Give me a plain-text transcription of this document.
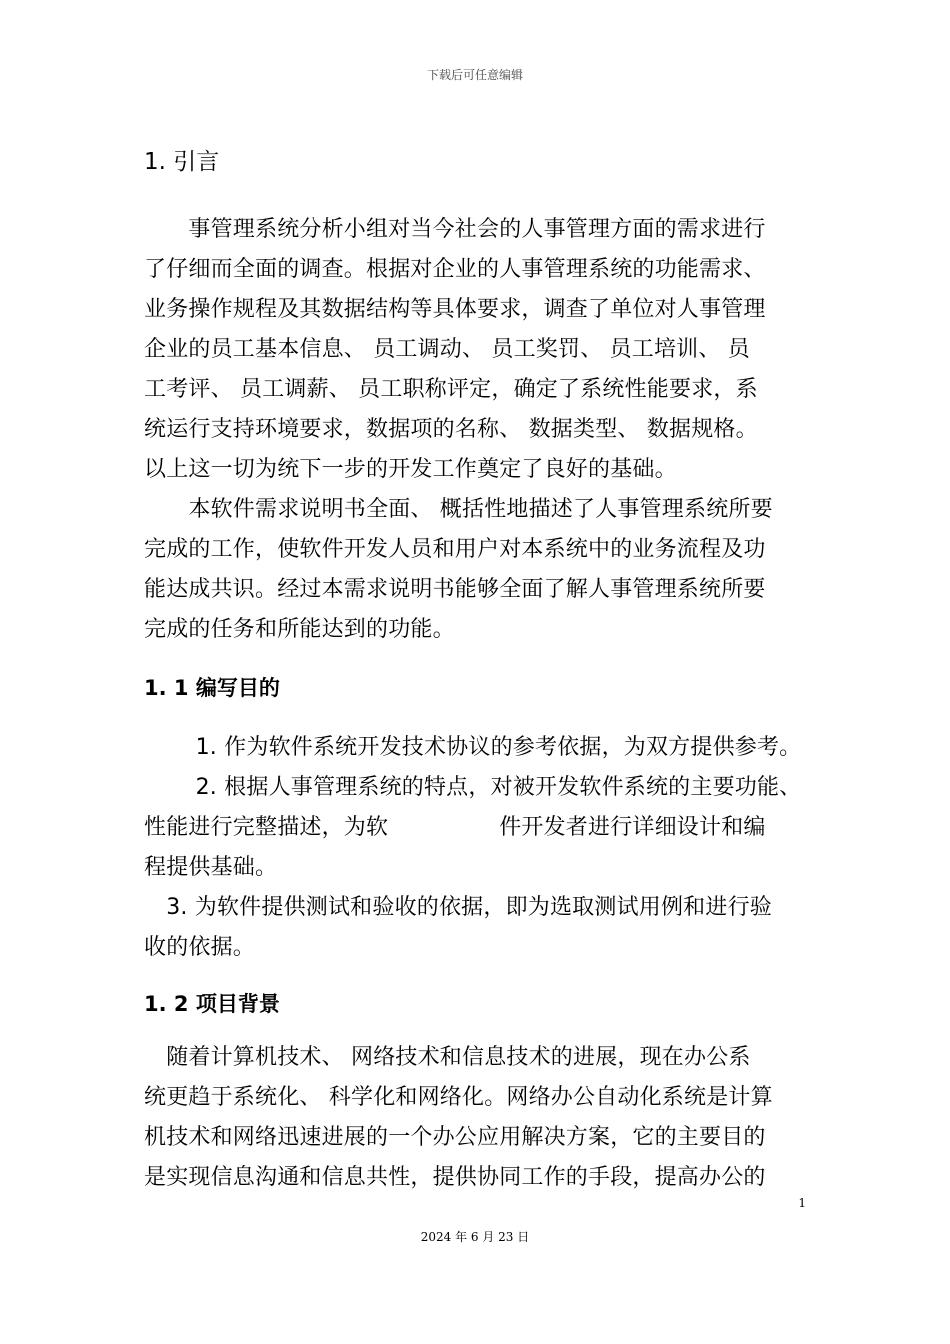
下载后可任意编辑
1. 引言
　　事管理系统分析小组对当今社会的人事管理方面的需求进行
了仔细而全面的调查。根据对企业的人事管理系统的功能需求、
业务操作规程及其数据结构等具体要求，调查了单位对人事管理
企业的员工基本信息、 员工调动、 员工奖罚、 员工培训、 员
工考评、 员工调薪、 员工职称评定，确定了系统性能要求，系
统运行支持环境要求，数据项的名称、 数据类型、 数据规格。
以上这一切为统下一步的开发工作奠定了良好的基础。
　　本软件需求说明书全面、 概括性地描述了人事管理系统所要
完成的工作，使软件开发人员和用户对本系统中的业务流程及功
能达成共识。经过本需求说明书能够全面了解人事管理系统所要
完成的任务和所能达到的功能。
1. 1 编写目的
　　 1. 作为软件系统开发技术协议的参考依据，为双方提供参考。
　　 2. 根据人事管理系统的特点，对被开发软件系统的主要功能、
性能进行完整描述，为软　　　　　件开发者进行详细设计和编
程提供基础。
　3. 为软件提供测试和验收的依据，即为选取测试用例和进行验
收的依据。
1. 2 项目背景
　随着计算机技术、 网络技术和信息技术的进展，现在办公系
统更趋于系统化、 科学化和网络化。网络办公自动化系统是计算
机技术和网络迅速进展的一个办公应用解决方案，它的主要目的
是实现信息沟通和信息共性，提供协同工作的手段，提高办公的
1
2024 年 6 月 23 日
